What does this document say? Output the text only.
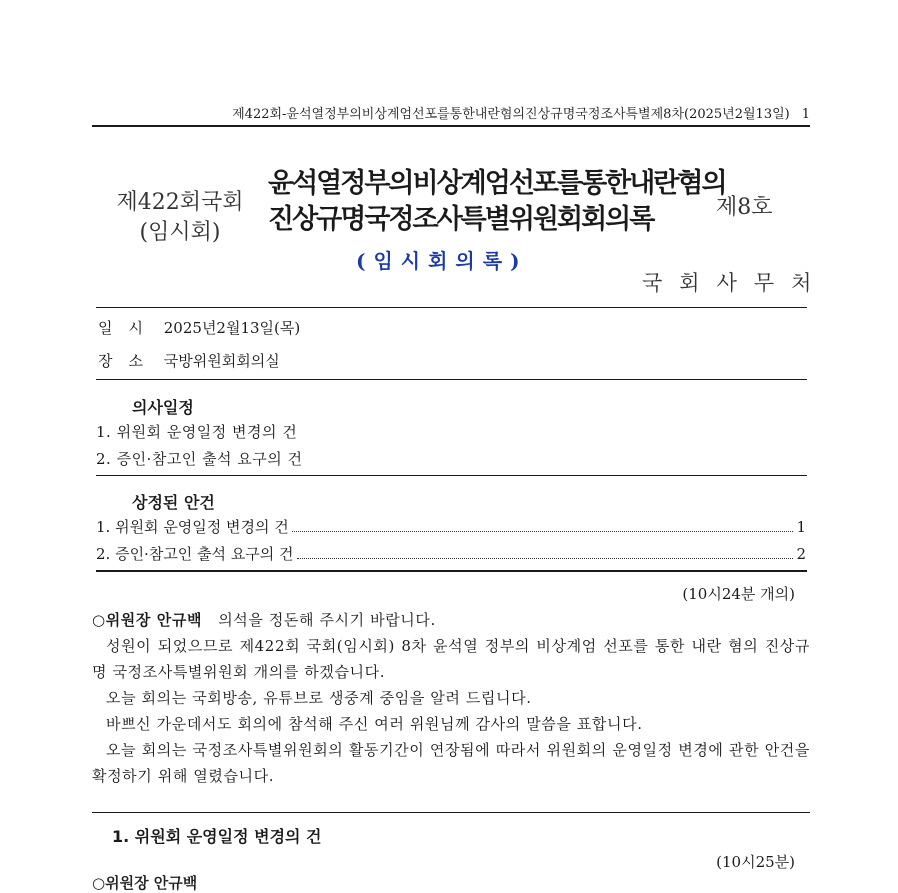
제422회-윤석열정부의비상계엄선포를통한내란혐의진상규명국정조사특별제8차(2025년2월13일) 1
제422회국회
(임시회)
윤석열정부의비상계엄선포를통한내란혐의
진상규명국정조사특별위원회회의록	제8호
(임시회의록)
국회사무처
일시 2025년2월13일(목)
장소 국방위원회회의실
의사일정
1. 위원회 운영일정 변경의 건
2. 증인·참고인 출석 요구의 건
상정된 안건
1. 위원회 운영일정 변경의 건	1
2. 증인·참고인 출석 요구의 건	2
(10시24분 개의)

○위원장 안규백 의석을 정돈해 주시기 바랍니다.

성원이 되었으므로 제422회 국회(임시회) 8차 윤석열 정부의 비상계엄 선포를 통한 내란 혐의 진상규명 국정조사특별위원회 개의를 하겠습니다.

오늘 회의는 국회방송, 유튜브로 생중계 중임을 알려 드립니다.

바쁘신 가운데서도 회의에 참석해 주신 여러 위원님께 감사의 말씀을 표합니다.

오늘 회의는 국정조사특별위원회의 활동기간이 연장됨에 따라서 위원회의 운영일정 변경에 관한 안건을 확정하기 위해 열렸습니다.

1. 위원회 운영일정 변경의 건
(10시25분)
○위원장 안규백
